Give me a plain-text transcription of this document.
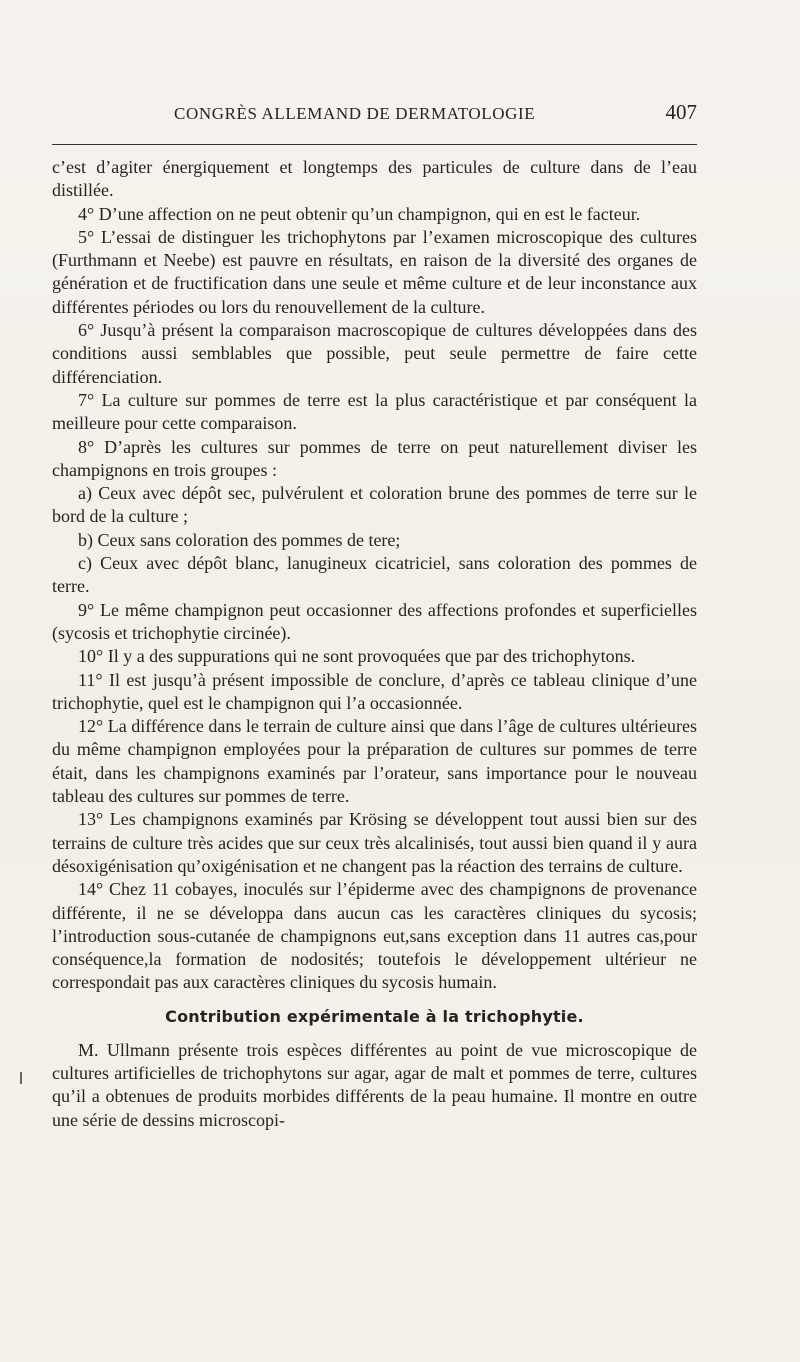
CONGRÈS ALLEMAND DE DERMATOLOGIE	407

c’est d’agiter énergiquement et longtemps des particules de culture dans de l’eau distillée.

4° D’une affection on ne peut obtenir qu’un champignon, qui en est le facteur.

5° L’essai de distinguer les trichophytons par l’examen microscopique des cultures (Furthmann et Neebe) est pauvre en résultats, en raison de la diversité des organes de génération et de fructification dans une seule et même culture et de leur inconstance aux différentes périodes ou lors du renouvellement de la culture.

6° Jusqu’à présent la comparaison macroscopique de cultures développées dans des conditions aussi semblables que possible, peut seule permettre de faire cette différenciation.

7° La culture sur pommes de terre est la plus caractéristique et par conséquent la meilleure pour cette comparaison.

8° D’après les cultures sur pommes de terre on peut naturellement diviser les champignons en trois groupes :

a) Ceux avec dépôt sec, pulvérulent et coloration brune des pommes de terre sur le bord de la culture ;

b) Ceux sans coloration des pommes de tere;

c) Ceux avec dépôt blanc, lanugineux cicatriciel, sans coloration des pommes de terre.

9° Le même champignon peut occasionner des affections profondes et superficielles (sycosis et trichophytie circinée).

10° Il y a des suppurations qui ne sont provoquées que par des trichophytons.

11° Il est jusqu’à présent impossible de conclure, d’après ce tableau clinique d’une trichophytie, quel est le champignon qui l’a occasionnée.

12° La différence dans le terrain de culture ainsi que dans l’âge de cultures ultérieures du même champignon employées pour la préparation de cultures sur pommes de terre était, dans les champignons examinés par l’orateur, sans importance pour le nouveau tableau des cultures sur pommes de terre.

13° Les champignons examinés par Krösing se développent tout aussi bien sur des terrains de culture très acides que sur ceux très alcalinisés, tout aussi bien quand il y aura désoxigénisation qu’oxigénisation et ne changent pas la réaction des terrains de culture.

14° Chez 11 cobayes, inoculés sur l’épiderme avec des champignons de provenance différente, il ne se développa dans aucun cas les caractères cliniques du sycosis; l’introduction sous-cutanée de champignons eut,sans exception dans 11 autres cas,pour conséquence,la formation de nodosités; toutefois le développement ultérieur ne correspondait pas aux caractères cliniques du sycosis humain.

Contribution expérimentale à la trichophytie.

M. Ullmann présente trois espèces différentes au point de vue microscopique de cultures artificielles de trichophytons sur agar, agar de malt et pommes de terre, cultures qu’il a obtenues de produits morbides différents de la peau humaine. Il montre en outre une série de dessins microscopi-
